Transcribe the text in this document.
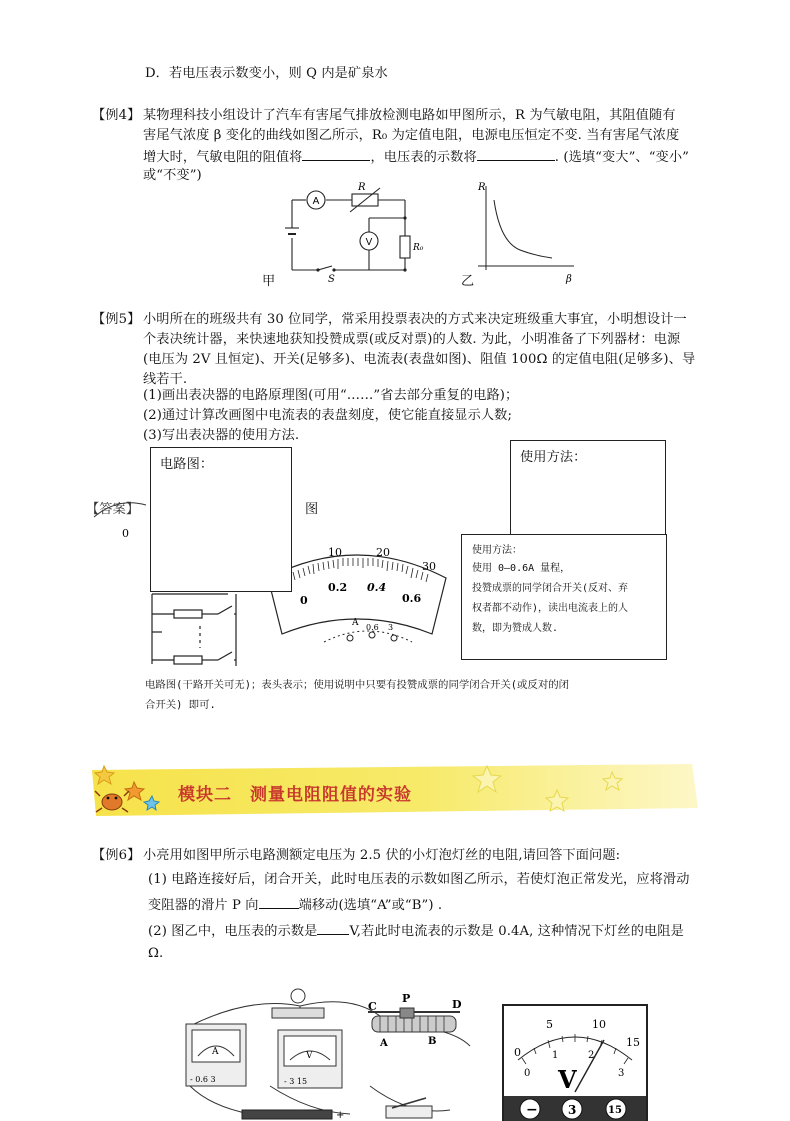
D．若电压表示数变小，则 Q 内是矿泉水
【例4】 某物理科技小组设计了汽车有害尾气排放检测电路如甲图所示，R 为气敏电阻，其阻值随有
害尾气浓度 β 变化的曲线如图乙所示，R₀ 为定值电阻，电源电压恒定不变. 当有害尾气浓度
增大时，气敏电阻的阻值将	，电压表的示数将	. (选填“变大”、“变小”
或“不变”)
A
V
R
R₀
S
甲
R
β
乙
【例5】 小明所在的班级共有 30 位同学，常采用投票表决的方式来决定班级重大事宜，小明想设计一
个表决统计器，来快速地获知投赞成票(或反对票)的人数. 为此，小明准备了下列器材：电源
(电压为 2V 且恒定)、开关(足够多)、电流表(表盘如图)、阻值 100Ω 的定值电阻(足够多)、导
线若干.
(1)画出表决器的电路原理图(可用“……”省去部分重复的电路)；
(2)通过计算改画图中电流表的表盘刻度，使它能直接显示人数;
(3)写出表决器的使用方法.
【答案】
0
图
10	20
30
0
0.2 0.4
0.6
A 0.6 3
电路图：	使用方法：
使用方法：
使用 0—0.6A 量程，
投赞成票的同学闭合开关(反对、弃
权者都不动作)，读出电流表上的人
数，即为赞成人数.
电路图(干路开关可无)；表头表示；使用说明中只要有投赞成票的同学闭合开关(或反对的闭
合开关) 即可.
模块二　测量电阻阻值的实验
【例6】 小亮用如图甲所示电路测额定电压为 2.5 伏的小灯泡灯丝的电阻,请回答下面问题:
(1) 电路连接好后，闭合开关，此时电压表的示数如图乙所示，若使灯泡正常发光，应将滑动
变阻器的滑片 P 向	端移动(选填“A”或“B”) .
(2) 图乙中，电压表的示数是 V,若此时电流表的示数是 0.4A, 这种情况下灯丝的电阻是
Ω.
A
- 0.6 3
V
- 3 15
C
P	D
A	B
+
0
5	10
15
0
1	2
3
V
−	3	15
